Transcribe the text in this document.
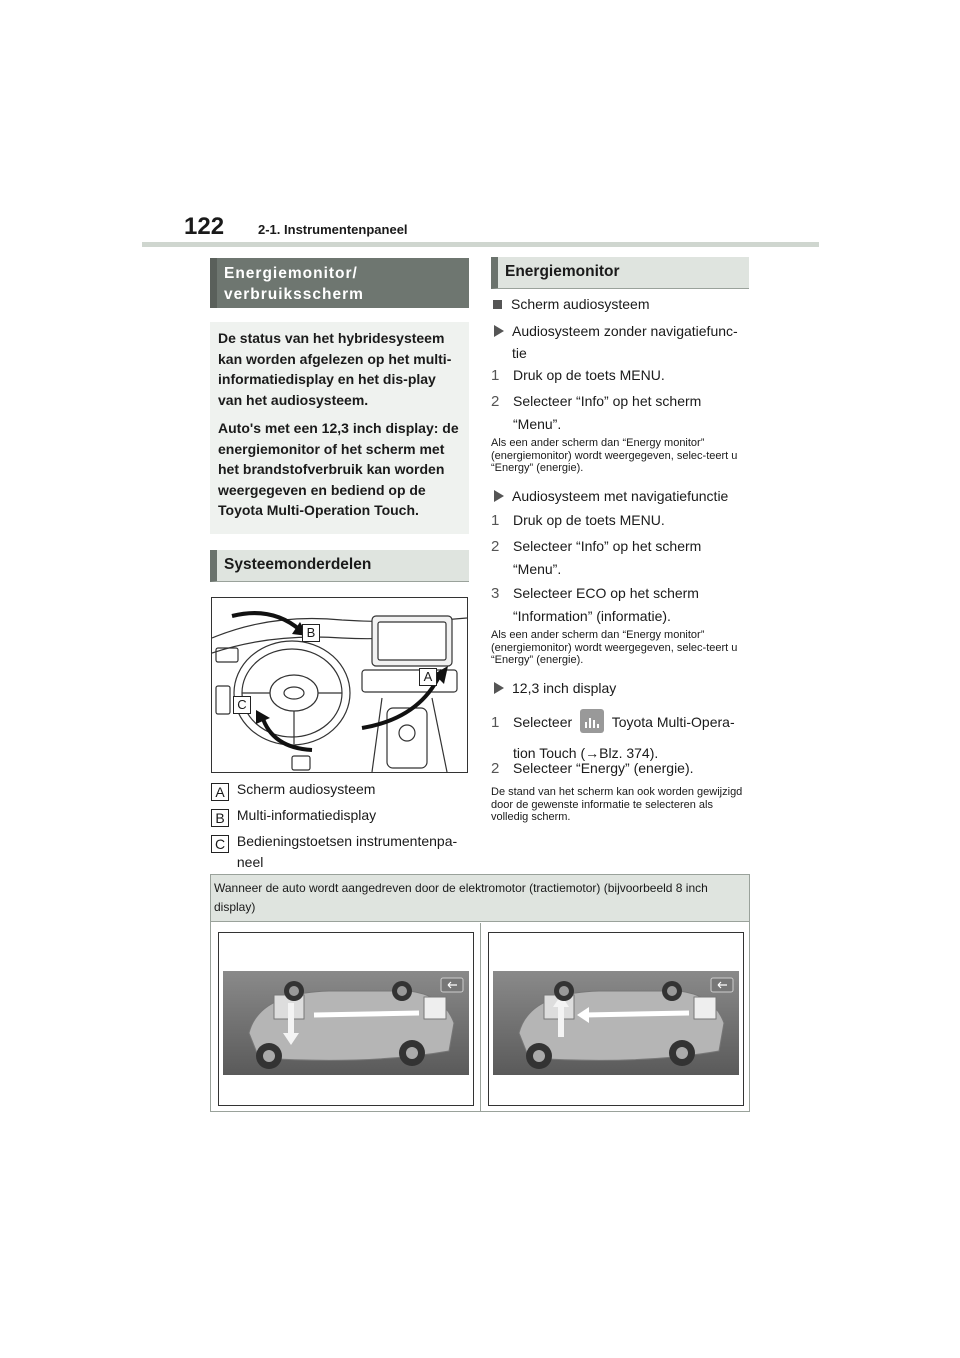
122	2-1. Instrumentenpaneel
Energiemonitor/
verbruiksscherm

De status van het hybridesysteem kan worden afgelezen op het multi-informatiedisplay en het dis-play van het audiosysteem.

Auto's met een 12,3 inch display: de energiemonitor of het scherm met het brandstofverbruik kan worden weergegeven en bediend op de Toyota Multi-Operation Touch.

Systeemonderdelen
B
A
C
A Scherm audiosysteem
B Multi-informatiedisplay
C Bedieningstoetsen instrumentenpa-
neel
Energiemonitor
Scherm audiosysteem
Audiosysteem zonder navigatiefunc-
tie
1 Druk op de toets MENU.
2 Selecteer “Info” op het scherm
“Menu”.
Als een ander scherm dan “Energy monitor” (energiemonitor) wordt weergegeven, selec-teert u “Energy” (energie).
Audiosysteem met navigatiefunctie
1 Druk op de toets MENU.
2 Selecteer “Info” op het scherm
“Menu”.
3 Selecteer ECO op het scherm
“Information” (informatie).
Als een ander scherm dan “Energy monitor” (energiemonitor) wordt weergegeven, selec-teert u “Energy” (energie).
12,3 inch display
1 Selecteer	Toyota Multi-Opera-
tion Touch (→Blz. 374).
2 Selecteer “Energy” (energie).
De stand van het scherm kan ook worden gewijzigd door de gewenste informatie te selecteren als volledig scherm.
Wanneer de auto wordt aangedreven door de elektromotor (tractiemotor) (bijvoorbeeld 8 inch display)
